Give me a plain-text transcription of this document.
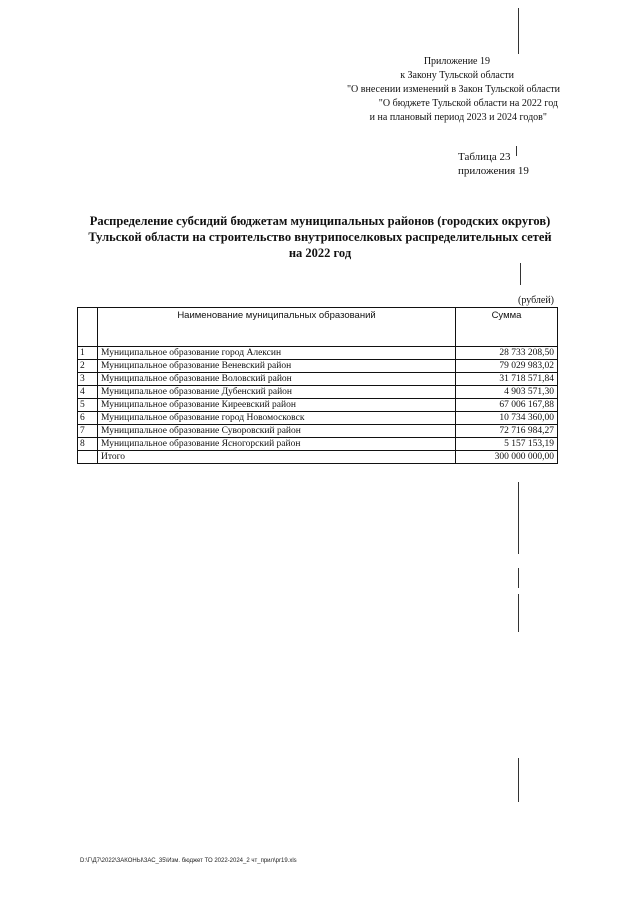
Приложение 19
к Закону Тульской области
"О внесении изменений в Закон Тульской области
"О бюджете Тульской области на 2022 год
и на плановый период 2023 и 2024 годов"
Таблица 23
приложения 19
Распределение субсидий бюджетам муниципальных районов (городских округов)
Тульской области на строительство внутрипоселковых распределительных сетей
на 2022 год
(рублей)
	Наименование муниципальных образований	Сумма
1	Муниципальное образование город Алексин	28 733 208,50
2	Муниципальное образование Веневский район	79 029 983,02
3	Муниципальное образование Воловский район	31 718 571,84
4	Муниципальное образование Дубенский район	4 903 571,30
5	Муниципальное образование Киреевский район	67 006 167,88
6	Муниципальное образование город Новомосковск	10 734 360,00
7	Муниципальное образование Суворовский район	72 716 984,27
8	Муниципальное образование Ясногорский район	5 157 153,19
	Итого	300 000 000,00
D:\Г\Д7\2022\ЗАКОНЫ\ЗАС_35\Изм. бюджет ТО 2022-2024_2 чт_прил\pr19.xls
